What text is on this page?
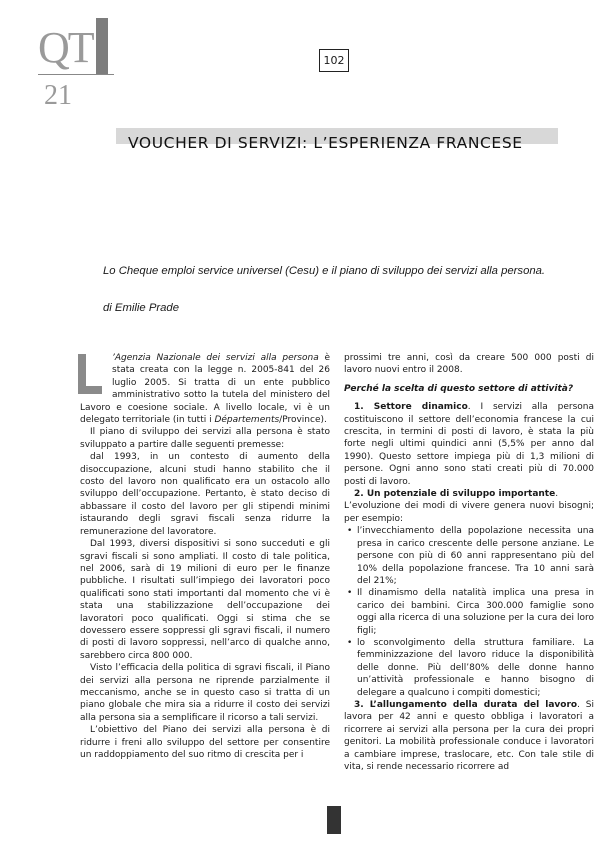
QT
21
102
VOUCHER DI SERVIZI: L’ESPERIENZA FRANCESE
Lo Cheque emploi service universel (Cesu) e il piano di sviluppo dei servizi alla persona.
di Emilie Prade

’Agenzia Nazionale dei servizi alla persona è stata creata con la legge n. 2005-841 del 26 luglio 2005. Si tratta di un ente pubblico amministrativo sotto la tutela del ministero del Lavoro e coesione sociale. A livello locale, vi è un delegato territoriale (in tutti i Départements/Province).

Il piano di sviluppo dei servizi alla persona è stato sviluppato a partire dalle seguenti premesse:

dal 1993, in un contesto di aumento della disoccupazione, alcuni studi hanno stabilito che il costo del lavoro non qualificato era un ostacolo allo sviluppo dell’occupazione. Pertanto, è stato deciso di abbassare il costo del lavoro per gli stipendi minimi istaurando degli sgravi fiscali senza ridurre la remunerazione del lavoratore.

Dal 1993, diversi dispositivi si sono succeduti e gli sgravi fiscali si sono ampliati. Il costo di tale politica, nel 2006, sarà di 19 milioni di euro per le finanze pubbliche. I risultati sull’impiego dei lavoratori poco qualificati sono stati importanti dal momento che vi è stata una stabilizzazione dell’occupazione dei lavoratori poco qualificati. Oggi si stima che se dovessero essere soppressi gli sgravi fiscali, il numero di posti di lavoro soppressi, nell’arco di qualche anno, sarebbero circa 800 000.

Visto l’efficacia della politica di sgravi fiscali, il Piano dei servizi alla persona ne riprende parzialmente il meccanismo, anche se in questo caso si tratta di un piano globale che mira sia a ridurre il costo dei servizi alla persona sia a semplificare il ricorso a tali servizi.

L’obiettivo del Piano dei servizi alla persona è di ridurre i freni allo sviluppo del settore per consentire un raddoppiamento del suo ritmo di crescita per i

prossimi tre anni, così da creare 500 000 posti di lavoro nuovi entro il 2008.

Perché la scelta di questo settore di attività?

1. Settore dinamico. I servizi alla persona costituiscono il settore dell’economia francese la cui crescita, in termini di posti di lavoro, è stata la più forte negli ultimi quindici anni (5,5% per anno dal 1990). Questo settore impiega più di 1,3 milioni di persone. Ogni anno sono stati creati più di 70.000 posti di lavoro.

2. Un potenziale di sviluppo importante.

L’evoluzione dei modi di vivere genera nuovi bisogni; per esempio:

• l’invecchiamento della popolazione necessita una presa in carico crescente delle persone anziane. Le persone con più di 60 anni rappresentano più del 10% della popolazione francese. Tra 10 anni sarà del 21%;
• Il dinamismo della natalità implica una presa in carico dei bambini. Circa 300.000 famiglie sono oggi alla ricerca di una soluzione per la cura dei loro figli;
• lo sconvolgimento della struttura familiare. La femminizzazione del lavoro riduce la disponibilità delle donne. Più dell’80% delle donne hanno un’attività professionale e hanno bisogno di delegare a qualcuno i compiti domestici;

3. L’allungamento della durata del lavoro. Si lavora per 42 anni e questo obbliga i lavoratori a ricorrere ai servizi alla persona per la cura dei propri genitori. La mobilità professionale conduce i lavoratori a cambiare imprese, traslocare, etc. Con tale stile di vita, si rende necessario ricorrere ad
